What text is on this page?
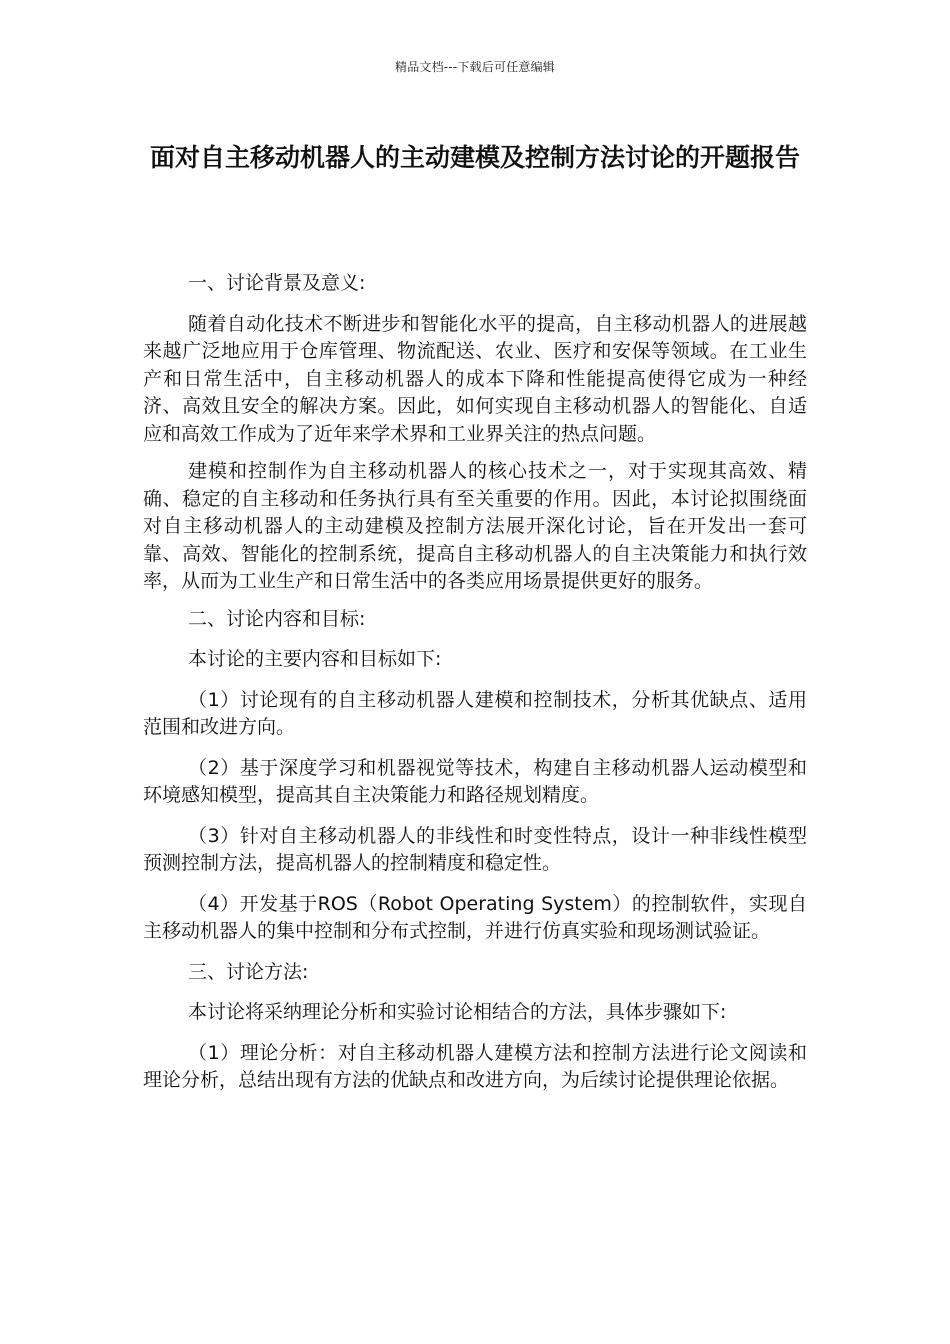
精品文档---下载后可任意编辑
面对自主移动机器人的主动建模及控制方法讨论的开题报告

一、讨论背景及意义:

随着自动化技术不断进步和智能化水平的提高，自主移动机器人的进展越来越广泛地应用于仓库管理、物流配送、农业、医疗和安保等领域。在工业生产和日常生活中，自主移动机器人的成本下降和性能提高使得它成为一种经济、高效且安全的解决方案。因此，如何实现自主移动机器人的智能化、自适应和高效工作成为了近年来学术界和工业界关注的热点问题。

建模和控制作为自主移动机器人的核心技术之一，对于实现其高效、精确、稳定的自主移动和任务执行具有至关重要的作用。因此，本讨论拟围绕面对自主移动机器人的主动建模及控制方法展开深化讨论，旨在开发出一套可靠、高效、智能化的控制系统，提高自主移动机器人的自主决策能力和执行效率，从而为工业生产和日常生活中的各类应用场景提供更好的服务。

二、讨论内容和目标:

本讨论的主要内容和目标如下:

（1）讨论现有的自主移动机器人建模和控制技术，分析其优缺点、适用范围和改进方向。

（2）基于深度学习和机器视觉等技术，构建自主移动机器人运动模型和环境感知模型，提高其自主决策能力和路径规划精度。

（3）针对自主移动机器人的非线性和时变性特点，设计一种非线性模型预测控制方法，提高机器人的控制精度和稳定性。

（4）开发基于ROS（Robot Operating System）的控制软件，实现自主移动机器人的集中控制和分布式控制，并进行仿真实验和现场测试验证。

三、讨论方法:

本讨论将采纳理论分析和实验讨论相结合的方法，具体步骤如下:

（1）理论分析：对自主移动机器人建模方法和控制方法进行论文阅读和理论分析，总结出现有方法的优缺点和改进方向，为后续讨论提供理论依据。
